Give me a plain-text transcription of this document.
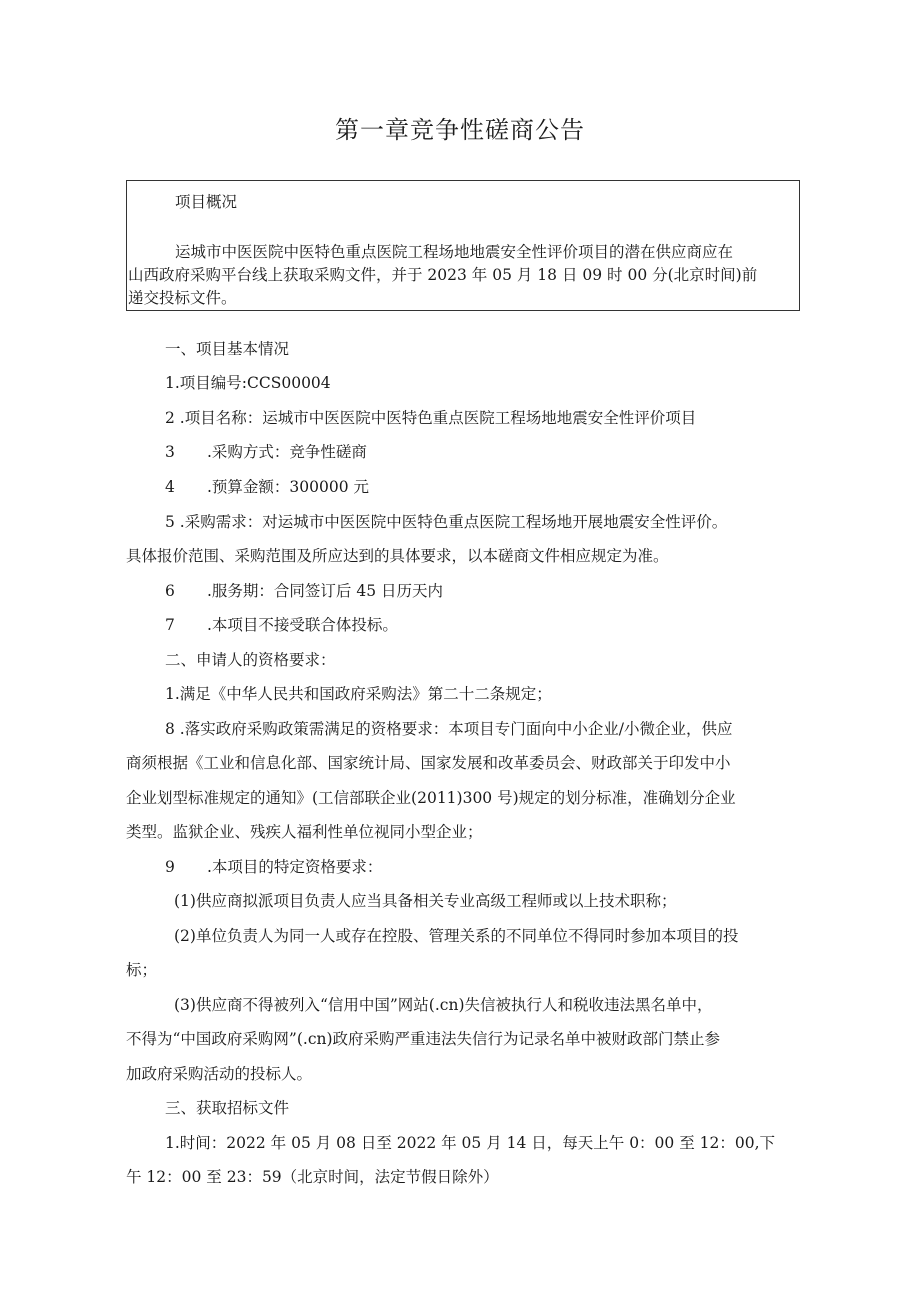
第一章竞争性磋商公告
项目概况
运城市中医医院中医特色重点医院工程场地地震安全性评价项目的潜在供应商应在
山西政府采购平台线上获取采购文件，并于 2023 年 05 月 18 日 09 时 00 分(北京时间)前
递交投标文件。
一、项目基本情况
1.项目编号:CCS00004
2 .项目名称：运城市中医医院中医特色重点医院工程场地地震安全性评价项目
3 .采购方式：竞争性磋商
4 .预算金额：300000 元
5 .采购需求：对运城市中医医院中医特色重点医院工程场地开展地震安全性评价。
具体报价范围、采购范围及所应达到的具体要求，以本磋商文件相应规定为准。
6 .服务期：合同签订后 45 日历天内
7 .本项目不接受联合体投标。
二、申请人的资格要求：
1.满足《中华人民共和国政府采购法》第二十二条规定；
8 .落实政府采购政策需满足的资格要求：本项目专门面向中小企业/小微企业，供应
商须根据《工业和信息化部、国家统计局、国家发展和改革委员会、财政部关于印发中小
企业划型标准规定的通知》(工信部联企业(2011)300 号)规定的划分标准，准确划分企业
类型。监狱企业、残疾人福利性单位视同小型企业；
9 .本项目的特定资格要求：
(1)供应商拟派项目负责人应当具备相关专业高级工程师或以上技术职称；
(2)单位负责人为同一人或存在控股、管理关系的不同单位不得同时参加本项目的投
标；
(3)供应商不得被列入“信用中国”网站(.cn)失信被执行人和税收违法黑名单中，
不得为“中国政府采购网”(.cn)政府采购严重违法失信行为记录名单中被财政部门禁止参
加政府采购活动的投标人。
三、获取招标文件
1.时间：2022 年 05 月 08 日至 2022 年 05 月 14 日，每天上午 0：00 至 12：00,下
午 12：00 至 23：59（北京时间，法定节假日除外）
